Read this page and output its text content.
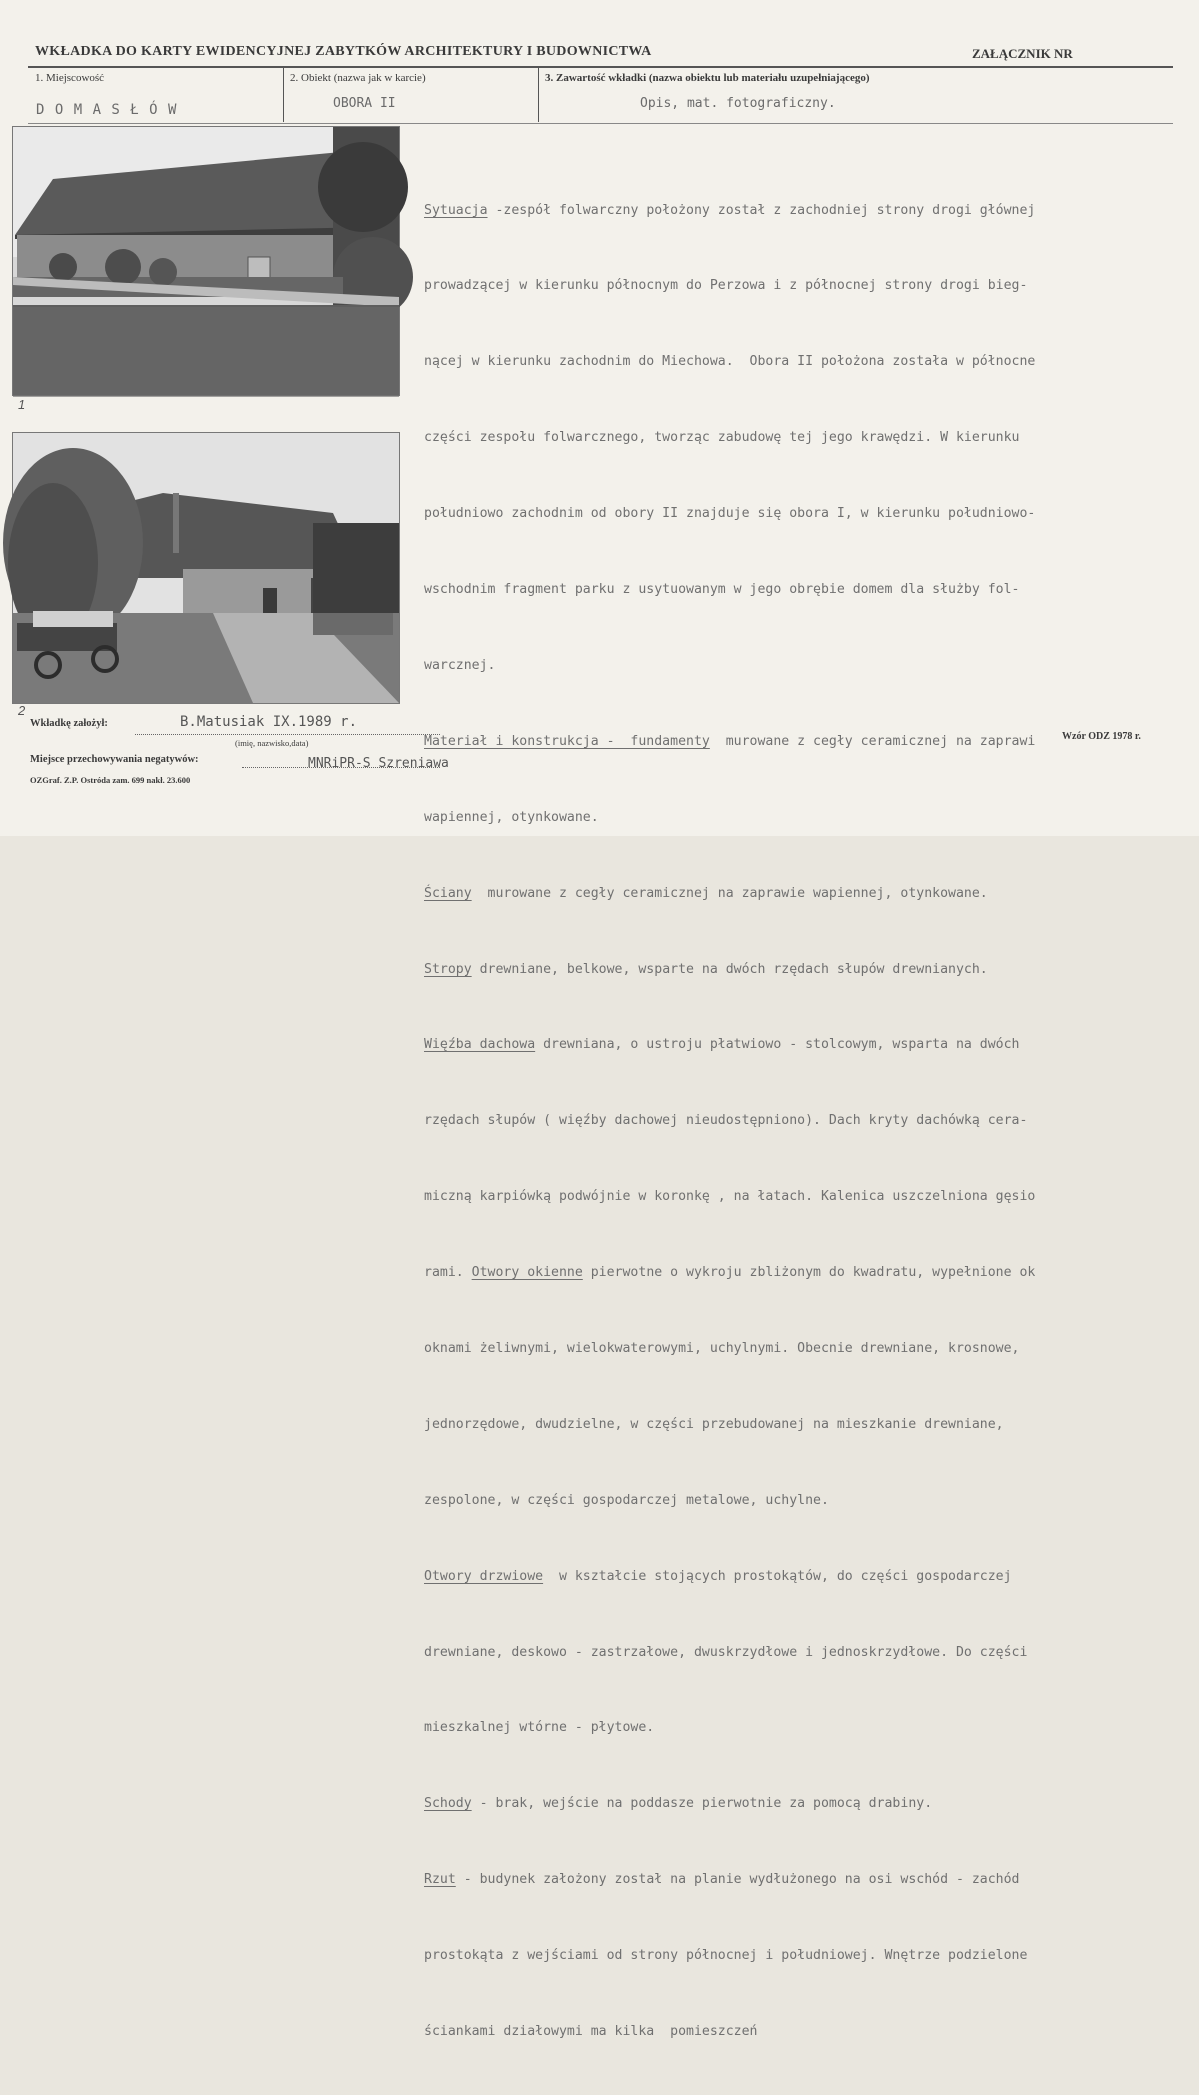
WKŁADKA DO KARTY EWIDENCYJNEJ ZABYTKÓW ARCHITEKTURY I BUDOWNICTWA	ZAŁĄCZNIK NR
1. Miejscowość	2. Obiekt (nazwa jak w karcie)	3. Zawartość wkładki (nazwa obiektu lub materiału uzupełniającego)
D O M A S Ł Ó W	OBORA II	Opis, mat. fotograficzny.
1
2

Sytuacja -zespół folwarczny położony został z zachodniej strony drogi głównej

prowadzącej w kierunku północnym do Perzowa i z północnej strony drogi bieg-

nącej w kierunku zachodnim do Miechowa.  Obora II położona została w północne

części zespołu folwarcznego, tworząc zabudowę tej jego krawędzi. W kierunku

południowo zachodnim od obory II znajduje się obora I, w kierunku południowo-

wschodnim fragment parku z usytuowanym w jego obrębie domem dla służby fol-

warcznej.

Materiał i konstrukcja -  fundamenty  murowane z cegły ceramicznej na zaprawi

wapiennej, otynkowane.

Ściany  murowane z cegły ceramicznej na zaprawie wapiennej, otynkowane.

Stropy drewniane, belkowe, wsparte na dwóch rzędach słupów drewnianych.

Więźba dachowa drewniana, o ustroju płatwiowo - stolcowym, wsparta na dwóch

rzędach słupów ( więźby dachowej nieudostępniono). Dach kryty dachówką cera-

miczną karpiówką podwójnie w koronkę , na łatach. Kalenica uszczelniona gęsio

rami. Otwory okienne pierwotne o wykroju zbliżonym do kwadratu, wypełnione ok

oknami żeliwnymi, wielokwaterowymi, uchylnymi. Obecnie drewniane, krosnowe,

jednorzędowe, dwudzielne, w części przebudowanej na mieszkanie drewniane,

zespolone, w części gospodarczej metalowe, uchylne.

Otwory drzwiowe  w kształcie stojących prostokątów, do części gospodarczej

drewniane, deskowo - zastrzałowe, dwuskrzydłowe i jednoskrzydłowe. Do części

mieszkalnej wtórne - płytowe.

Schody - brak, wejście na poddasze pierwotnie za pomocą drabiny.

Rzut - budynek założony został na planie wydłużonego na osi wschód - zachód

prostokąta z wejściami od strony północnej i południowej. Wnętrze podzielone

ściankami działowymi ma kilka  pomieszczeń

Wkładkę założył:	B.Matusiak IX.1989 r.
(imię, nazwisko,data)
Miejsce przechowywania negatywów:	MNRiPR-S Szreniawa
OZGraf. Z.P. Ostróda zam. 699 nakł. 23.600
Wzór ODZ 1978 r.
